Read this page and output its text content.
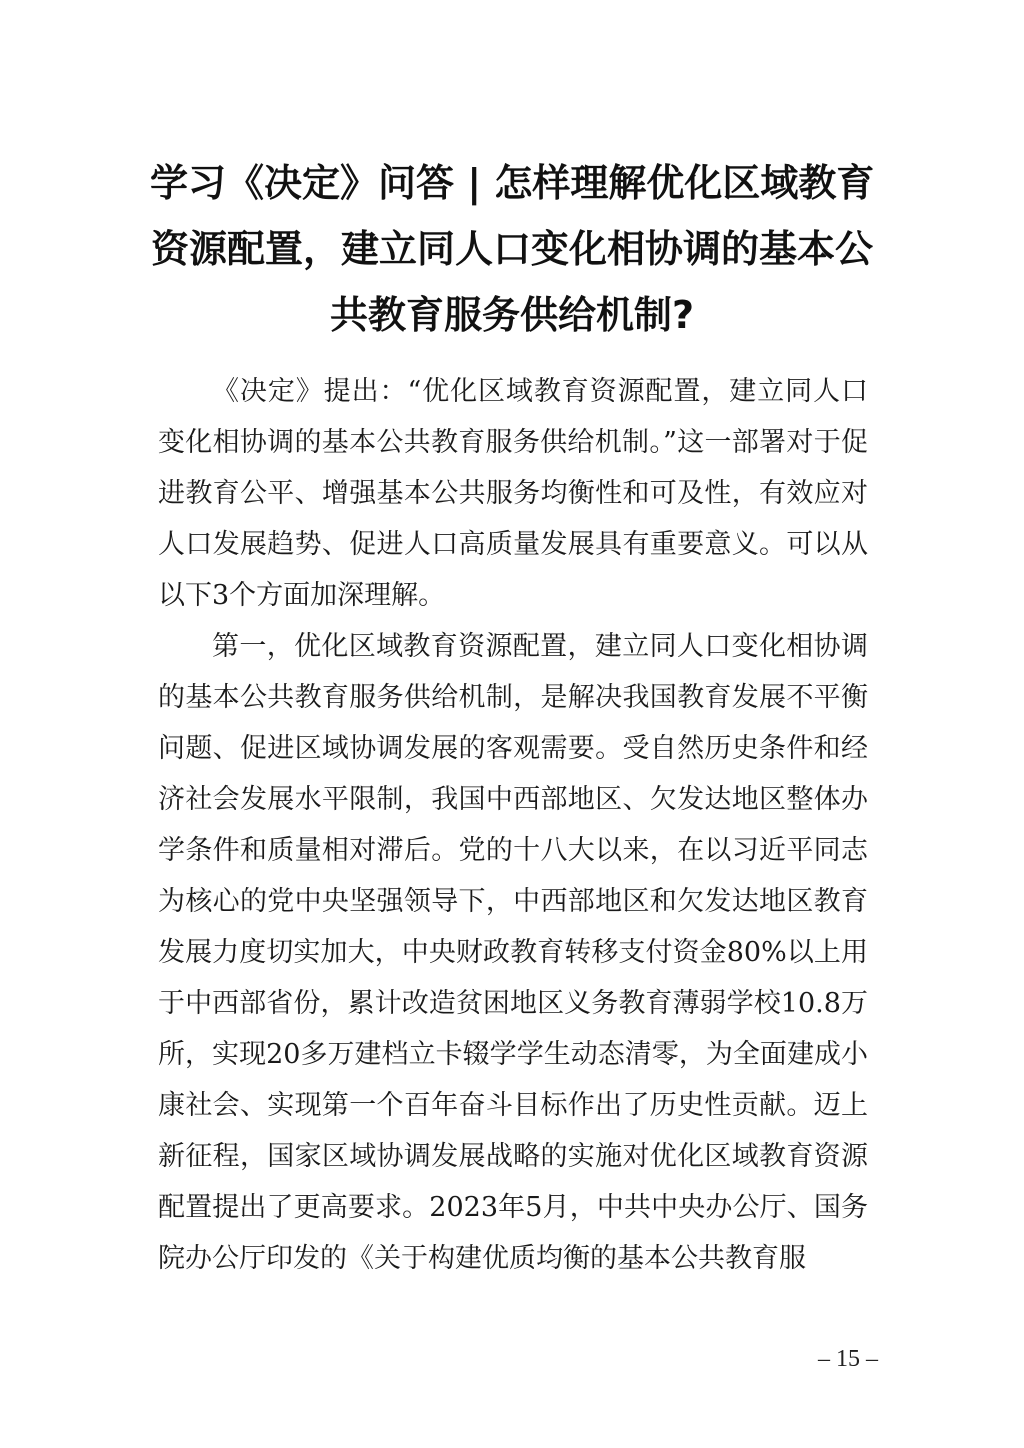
学习《决定》问答 | 怎样理解优化区域教育
资源配置，建立同人口变化相协调的基本公
共教育服务供给机制?

《决定》提出：“优化区域教育资源配置，建立同人口变化相协调的基本公共教育服务供给机制。”这一部署对于促进教育公平、增强基本公共服务均衡性和可及性，有效应对人口发展趋势、促进人口高质量发展具有重要意义。可以从以下3个方面加深理解。

第一，优化区域教育资源配置，建立同人口变化相协调的基本公共教育服务供给机制，是解决我国教育发展不平衡问题、促进区域协调发展的客观需要。受自然历史条件和经济社会发展水平限制，我国中西部地区、欠发达地区整体办学条件和质量相对滞后。党的十八大以来，在以习近平同志为核心的党中央坚强领导下，中西部地区和欠发达地区教育发展力度切实加大，中央财政教育转移支付资金80%以上用于中西部省份，累计改造贫困地区义务教育薄弱学校10.8万所，实现20多万建档立卡辍学学生动态清零，为全面建成小康社会、实现第一个百年奋斗目标作出了历史性贡献。迈上新征程，国家区域协调发展战略的实施对优化区域教育资源配置提出了更高要求。2023年5月，中共中央办公厅、国务院办公厅印发的《关于构建优质均衡的基本公共教育服

– 15 –
